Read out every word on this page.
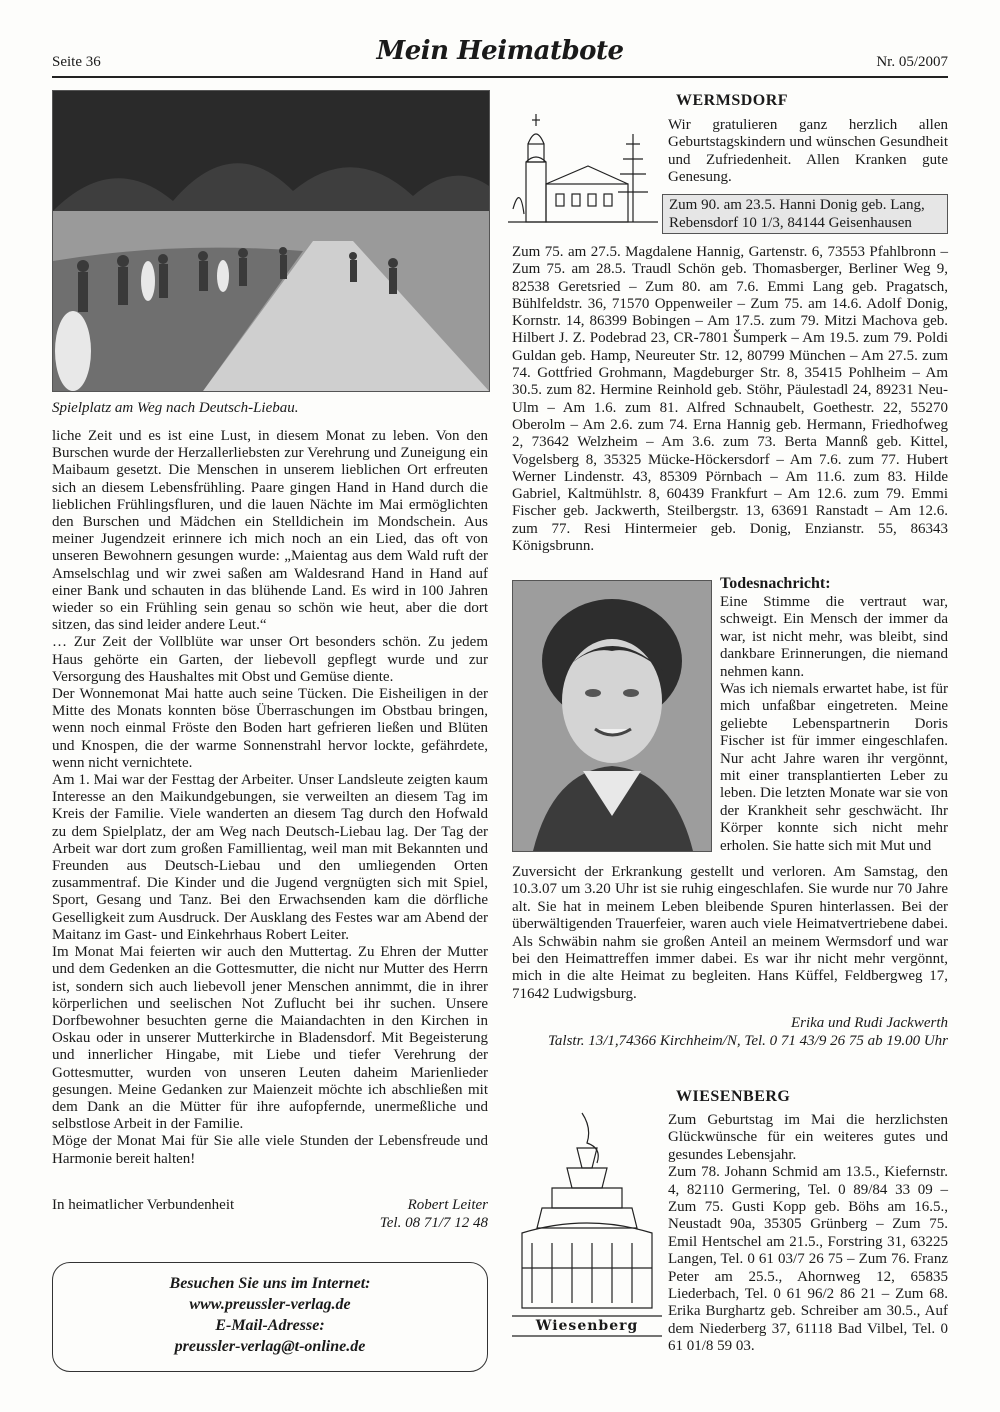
Seite 36	Mein Heimatbote	Nr. 05/2007
Spielplatz am Weg nach Deutsch-Liebau.
liche Zeit und es ist eine Lust, in diesem Monat zu leben. Von den Burschen wurde der Herzallerliebsten zur Verehrung und Zuneigung ein Maibaum gesetzt. Die Menschen in unserem lieblichen Ort erfreuten sich an diesem Lebensfrühling. Paare gingen Hand in Hand durch die lieblichen Frühlingsfluren, und die lauen Nächte im Mai ermöglichten den Burschen und Mädchen ein Stelldichein im Mondschein. Aus meiner Jugendzeit erinnere ich mich noch an ein Lied, das oft von unseren Bewohnern gesungen wurde: „Maientag aus dem Wald ruft der Amselschlag und wir zwei saßen am Waldesrand Hand in Hand auf einer Bank und schauten in das blühende Land. Es wird in 100 Jahren wieder so ein Frühling sein genau so schön wie heut, aber die dort sitzen, das sind leider andere Leut.“
… Zur Zeit der Vollblüte war unser Ort besonders schön. Zu jedem Haus gehörte ein Garten, der liebevoll gepflegt wurde und zur Versorgung des Haushaltes mit Obst und Gemüse diente.
Der Wonnemonat Mai hatte auch seine Tücken. Die Eisheiligen in der Mitte des Monats konnten böse Überraschungen im Obstbau bringen, wenn noch einmal Fröste den Boden hart gefrieren ließen und Blüten und Knospen, die der warme Sonnenstrahl hervor lockte, gefährdete, wenn nicht vernichtete.
Am 1. Mai war der Festtag der Arbeiter. Unser Landsleute zeigten kaum Interesse an den Maikundgebungen, sie verweilten an diesem Tag im Kreis der Familie. Viele wanderten an diesem Tag durch den Hofwald zu dem Spielplatz, der am Weg nach Deutsch-Liebau lag. Der Tag der Arbeit war dort zum großen Famillientag, weil man mit Bekannten und Freunden aus Deutsch-Liebau und den umliegenden Orten zusammentraf. Die Kinder und die Jugend vergnügten sich mit Spiel, Sport, Gesang und Tanz. Bei den Erwachsenden kam die dörfliche Geselligkeit zum Ausdruck. Der Ausklang des Festes war am Abend der Maitanz im Gast- und Einkehrhaus Robert Leiter.
Im Monat Mai feierten wir auch den Muttertag. Zu Ehren der Mutter und dem Gedenken an die Gottesmutter, die nicht nur Mutter des Herrn ist, sondern sich auch liebevoll jener Menschen annimmt, die in ihrer körperlichen und seelischen Not Zuflucht bei ihr suchen. Unsere Dorfbewohner besuchten gerne die Maiandachten in den Kirchen in Oskau oder in unserer Mutterkirche in Bladensdorf. Mit Begeisterung und innerlicher Hingabe, mit Liebe und tiefer Verehrung der Gottesmutter, wurden von unseren Leuten daheim Marienlieder gesungen. Meine Gedanken zur Maienzeit möchte ich abschließen mit dem Dank an die Mütter für ihre aufopfernde, unermeßliche und selbstlose Arbeit in der Familie.
Möge der Monat Mai für Sie alle viele Stunden der Lebensfreude und Harmonie bereit halten!
In heimatlicher Verbundenheit	Robert Leiter
Tel. 08 71/7 12 48
Besuchen Sie uns im Internet:
www.preussler-verlag.de
E-Mail-Adresse:
preussler-verlag@t-online.de
WERMSDORF
Wir gratulieren ganz herzlich allen Geburtstagskindern und wünschen Gesundheit und Zufriedenheit. Allen Kranken gute Genesung.
Zum 90. am 23.5. Hanni Donig geb. Lang,
Rebensdorf 10 1/3, 84144 Geisenhausen
Zum 75. am 27.5. Magdalene Hannig, Gartenstr. 6, 73553 Pfahlbronn – Zum 75. am 28.5. Traudl Schön geb. Thomasberger, Berliner Weg 9, 82538 Geretsried – Zum 80. am 7.6. Emmi Lang geb. Pragatsch, Bühlfeldstr. 36, 71570 Oppenweiler – Zum 75. am 14.6. Adolf Donig, Kornstr. 14, 86399 Bobingen – Am 17.5. zum 79. Mitzi Machova geb. Hilbert J. Z. Podebrad 23, CR-7801 Šumperk – Am 19.5. zum 79. Poldi Guldan geb. Hamp, Neureuter Str. 12, 80799 München – Am 27.5. zum 74. Gottfried Grohmann, Magdeburger Str. 8, 35415 Pohlheim – Am 30.5. zum 82. Hermine Reinhold geb. Stöhr, Päulestadl 24, 89231 Neu-Ulm – Am 1.6. zum 81. Alfred Schnaubelt, Goethestr. 22, 55270 Oberolm – Am 2.6. zum 74. Erna Hannig geb. Hermann, Friedhofweg 2, 73642 Welzheim – Am 3.6. zum 73. Berta Mannß geb. Kittel, Vogelsberg 8, 35325 Mücke-Höckersdorf – Am 7.6. zum 77. Hubert Werner Lindenstr. 43, 85309 Pörnbach – Am 11.6. zum 83. Hilde Gabriel, Kaltmühlstr. 8, 60439 Frankfurt – Am 12.6. zum 79. Emmi Fischer geb. Jackwerth, Steilbergstr. 13, 63691 Ranstadt – Am 12.6. zum 77. Resi Hintermeier geb. Donig, Enzianstr. 55, 86343 Königsbrunn.
Todesnachricht:
Eine Stimme die vertraut war, schweigt. Ein Mensch der immer da war, ist nicht mehr, was bleibt, sind dankbare Erinnerungen, die niemand nehmen kann.
Was ich niemals erwartet habe, ist für mich unfaßbar eingetreten. Meine geliebte Lebenspartnerin Doris Fischer ist für immer eingeschlafen. Nur acht Jahre waren ihr vergönnt, mit einer transplantierten Leber zu leben. Die letzten Monate war sie von der Krankheit sehr geschwächt. Ihr Körper konnte sich nicht mehr erholen. Sie hatte sich mit Mut und
Zuversicht der Erkrankung gestellt und verloren. Am Samstag, den 10.3.07 um 3.20 Uhr ist sie ruhig eingeschlafen. Sie wurde nur 70 Jahre alt. Sie hat in meinem Leben bleibende Spuren hinterlassen. Bei der überwältigenden Trauerfeier, waren auch viele Heimatvertriebene dabei. Als Schwäbin nahm sie großen Anteil an meinem Wermsdorf und war bei den Heimattreffen immer dabei. Es war ihr nicht mehr vergönnt, mich in die alte Heimat zu begleiten. Hans Küffel, Feldbergweg 17, 71642 Ludwigsburg.
Erika und Rudi Jackwerth
Talstr. 13/1,74366 Kirchheim/N, Tel. 0 71 43/9 26 75 ab 19.00 Uhr
WIESENBERG
Wiesenberg
Zum Geburtstag im Mai die herzlichsten Glückwünsche für ein weiteres gutes und gesundes Lebensjahr.
Zum 78. Johann Schmid am 13.5., Kiefernstr. 4, 82110 Germering, Tel. 0 89/84 33 09 – Zum 75. Gusti Kopp geb. Böhs am 16.5., Neustadt 90a, 35305 Grünberg – Zum 75. Emil Hentschel am 21.5., Forstring 31, 63225 Langen, Tel. 0 61 03/7 26 75 – Zum 76. Franz Peter am 25.5., Ahornweg 12, 65835 Liederbach, Tel. 0 61 96/2 86 21 – Zum 68. Erika Burghartz geb. Schreiber am 30.5., Auf dem Niederberg 37, 61118 Bad Vilbel, Tel. 0 61 01/8 59 03.
